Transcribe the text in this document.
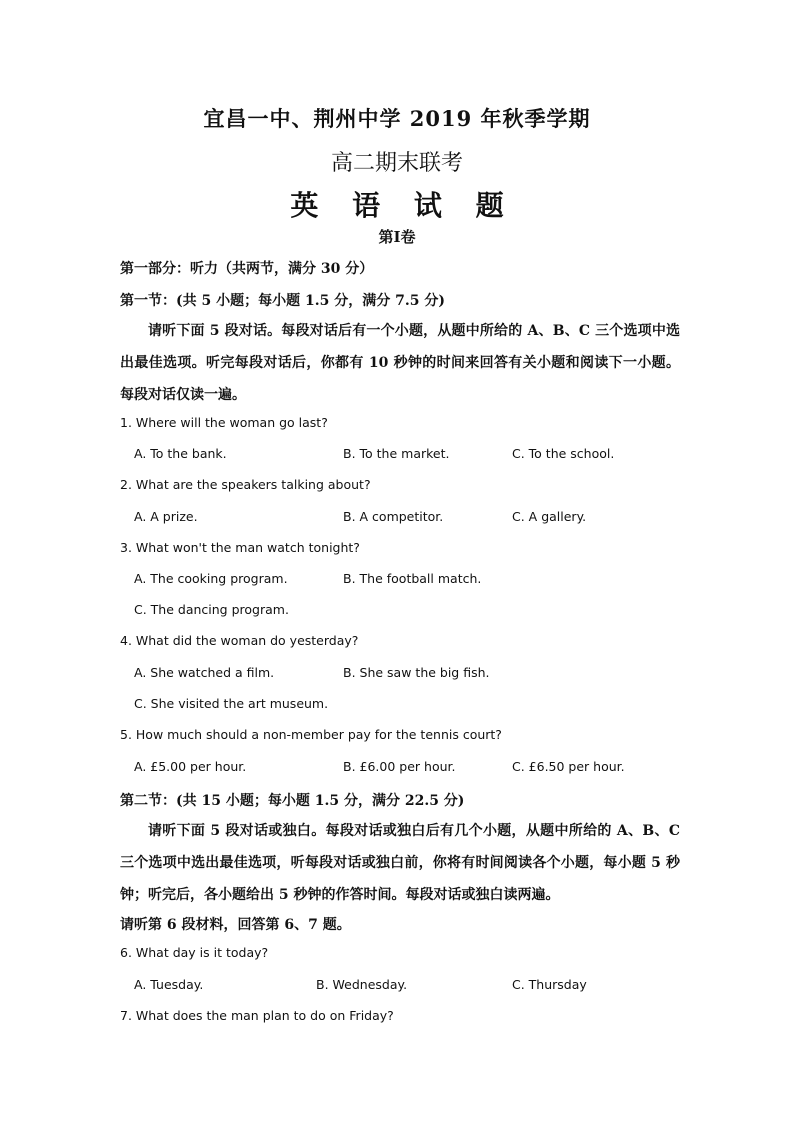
宜昌一中、荆州中学 2019 年秋季学期
高二期末联考
英 语 试 题
第Ⅰ卷
第一部分：听力（共两节，满分 30 分）
第一节：(共 5 小题；每小题 1.5 分，满分 7.5 分)
请听下面 5 段对话。每段对话后有一个小题，从题中所给的 A、B、C 三个选项中选出最佳选项。听完每段对话后，你都有 10 秒钟的时间来回答有关小题和阅读下一小题。每段对话仅读一遍。
1. Where will the woman go last?
A. To the bank.	B. To the market.	C. To the school.
2. What are the speakers talking about?
A. A prize.	B. A competitor.	C. A gallery.
3. What won't the man watch tonight?
A. The cooking program.	B. The football match.
C. The dancing program.
4. What did the woman do yesterday?
A. She watched a film.	B. She saw the big fish.
C. She visited the art museum.
5. How much should a non-member pay for the tennis court?
A. £5.00 per hour.	B. £6.00 per hour.	C. £6.50 per hour.
第二节：(共 15 小题；每小题 1.5 分，满分 22.5 分)
请听下面 5 段对话或独白。每段对话或独白后有几个小题，从题中所给的 A、B、C 三个选项中选出最佳选项，听每段对话或独白前，你将有时间阅读各个小题，每小题 5 秒钟；听完后，各小题给出 5 秒钟的作答时间。每段对话或独白读两遍。
请听第 6 段材料，回答第 6、7 题。
6. What day is it today?
A. Tuesday.	B. Wednesday.	C. Thursday
7. What does the man plan to do on Friday?
